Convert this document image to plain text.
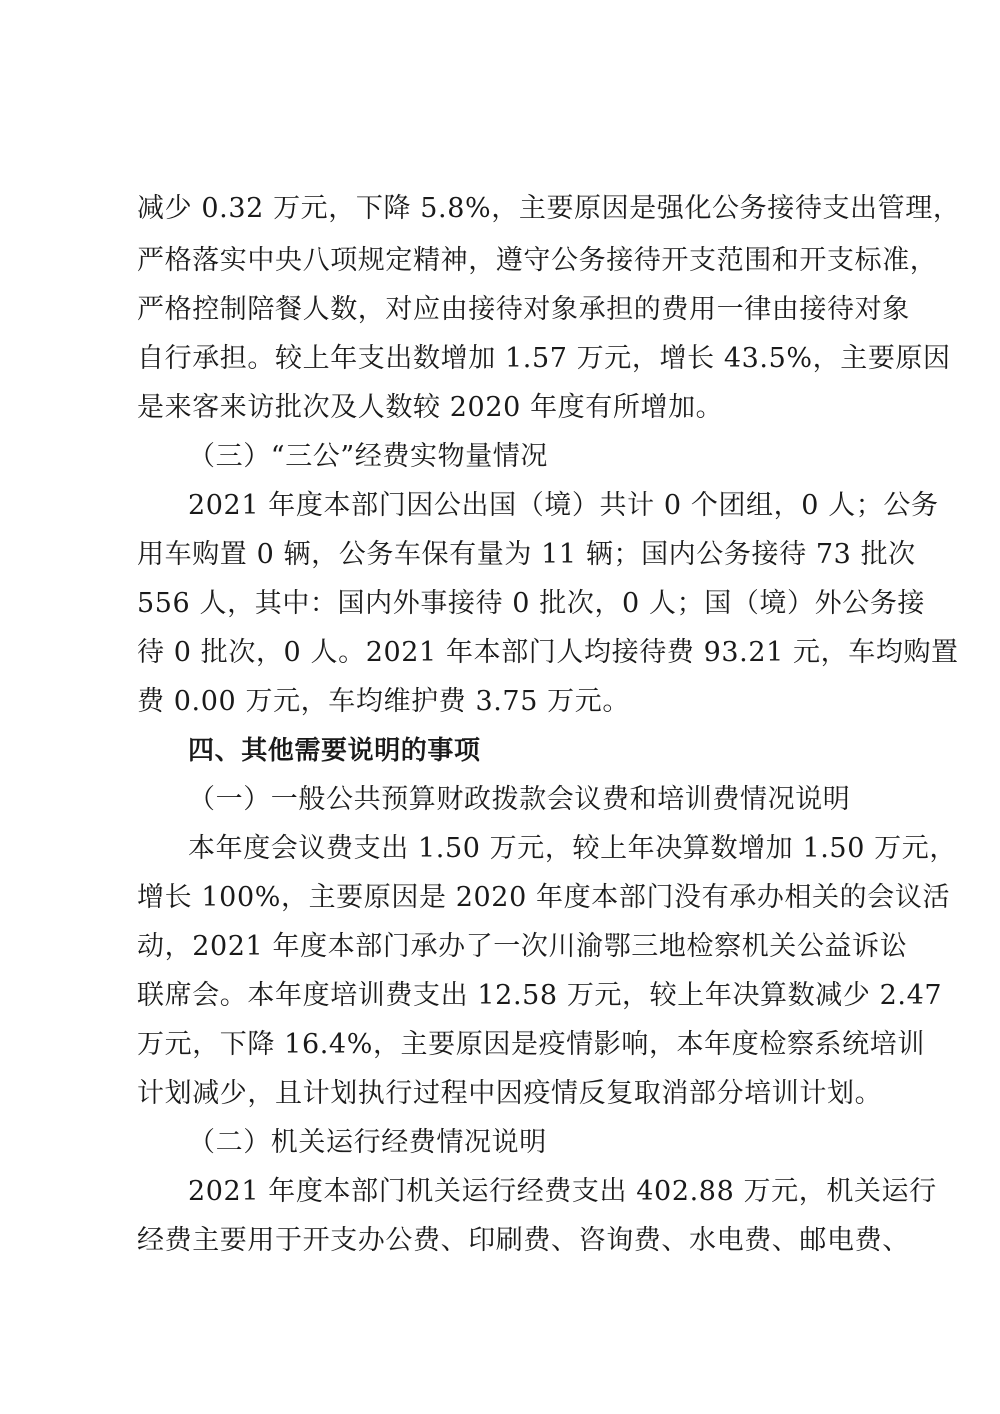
减少 0.32 万元，下降 5.8%，主要原因是强化公务接待支出管理，
严格落实中央八项规定精神，遵守公务接待开支范围和开支标准，
严格控制陪餐人数，对应由接待对象承担的费用一律由接待对象
自行承担。较上年支出数增加 1.57 万元，增长 43.5%，主要原因
是来客来访批次及人数较 2020 年度有所增加。
（三）“三公”经费实物量情况
2021 年度本部门因公出国（境）共计 0 个团组，0 人；公务
用车购置 0 辆，公务车保有量为 11 辆；国内公务接待 73 批次
556 人，其中：国内外事接待 0 批次，0 人；国（境）外公务接
待 0 批次，0 人。2021 年本部门人均接待费 93.21 元，车均购置
费 0.00 万元，车均维护费 3.75 万元。
四、其他需要说明的事项
（一）一般公共预算财政拨款会议费和培训费情况说明
本年度会议费支出 1.50 万元，较上年决算数增加 1.50 万元，
增长 100%，主要原因是 2020 年度本部门没有承办相关的会议活
动，2021 年度本部门承办了一次川渝鄂三地检察机关公益诉讼
联席会。本年度培训费支出 12.58 万元，较上年决算数减少 2.47
万元，下降 16.4%，主要原因是疫情影响，本年度检察系统培训
计划减少，且计划执行过程中因疫情反复取消部分培训计划。
（二）机关运行经费情况说明
2021 年度本部门机关运行经费支出 402.88 万元，机关运行
经费主要用于开支办公费、印刷费、咨询费、水电费、邮电费、
